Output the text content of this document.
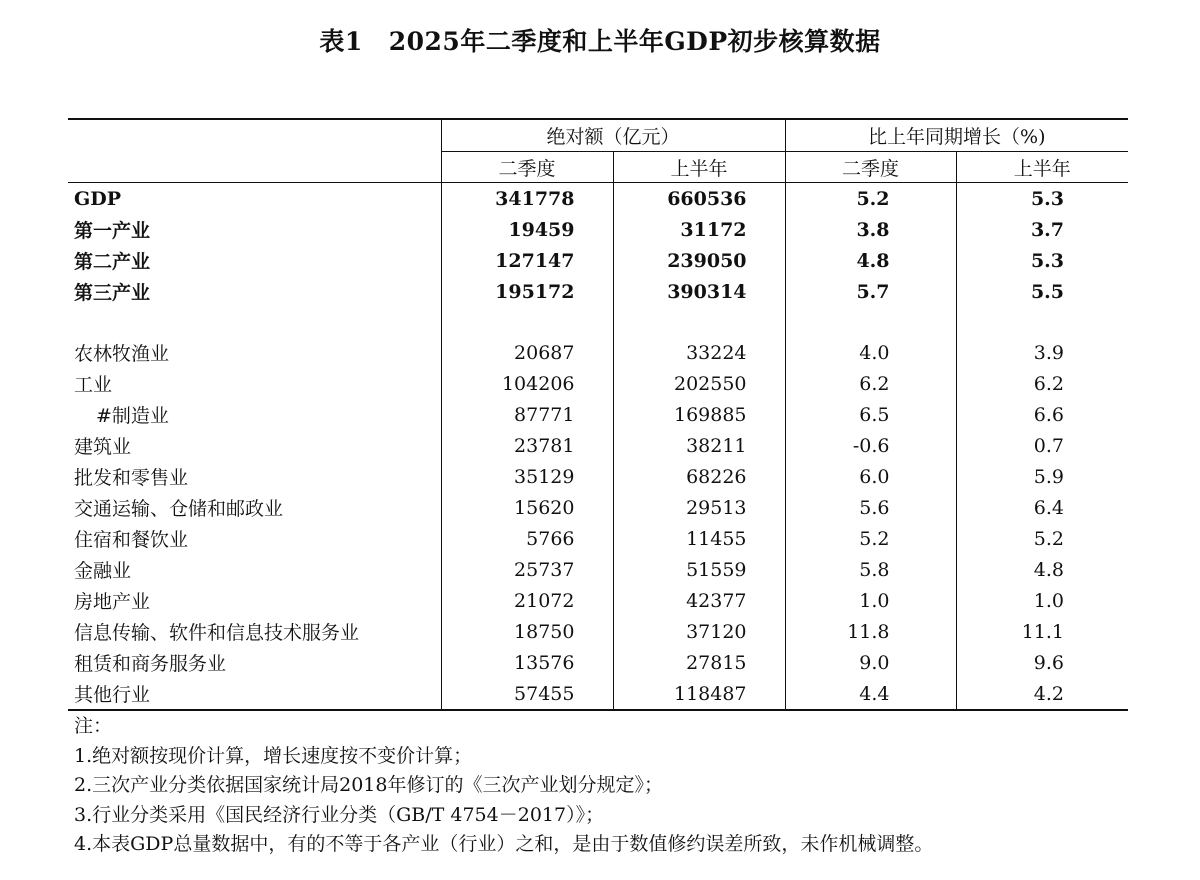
表1 2025年二季度和上半年GDP初步核算数据
	绝对额（亿元）		比上年同期增长（%)	
	二季度	上半年	二季度	上半年
GDP	341778	660536	5.2	5.3
第一产业	19459	31172	3.8	3.7
第二产业	127147	239050	4.8	5.3
第三产业	195172	390314	5.7	5.5

农林牧渔业	20687	33224	4.0	3.9
工业	104206	202550	6.2	6.2
#制造业	87771	169885	6.5	6.6
建筑业	23781	38211	-0.6	0.7
批发和零售业	35129	68226	6.0	5.9
交通运输、仓储和邮政业	15620	29513	5.6	6.4
住宿和餐饮业	5766	11455	5.2	5.2
金融业	25737	51559	5.8	4.8
房地产业	21072	42377	1.0	1.0
信息传输、软件和信息技术服务业	18750	37120	11.8	11.1
租赁和商务服务业	13576	27815	9.0	9.6
其他行业	57455	118487	4.4	4.2
注：
1.绝对额按现价计算，增长速度按不变价计算；
2.三次产业分类依据国家统计局2018年修订的《三次产业划分规定》；
3.行业分类采用《国民经济行业分类（GB/T 4754－2017）》；
4.本表GDP总量数据中，有的不等于各产业（行业）之和，是由于数值修约误差所致，未作机械调整。
